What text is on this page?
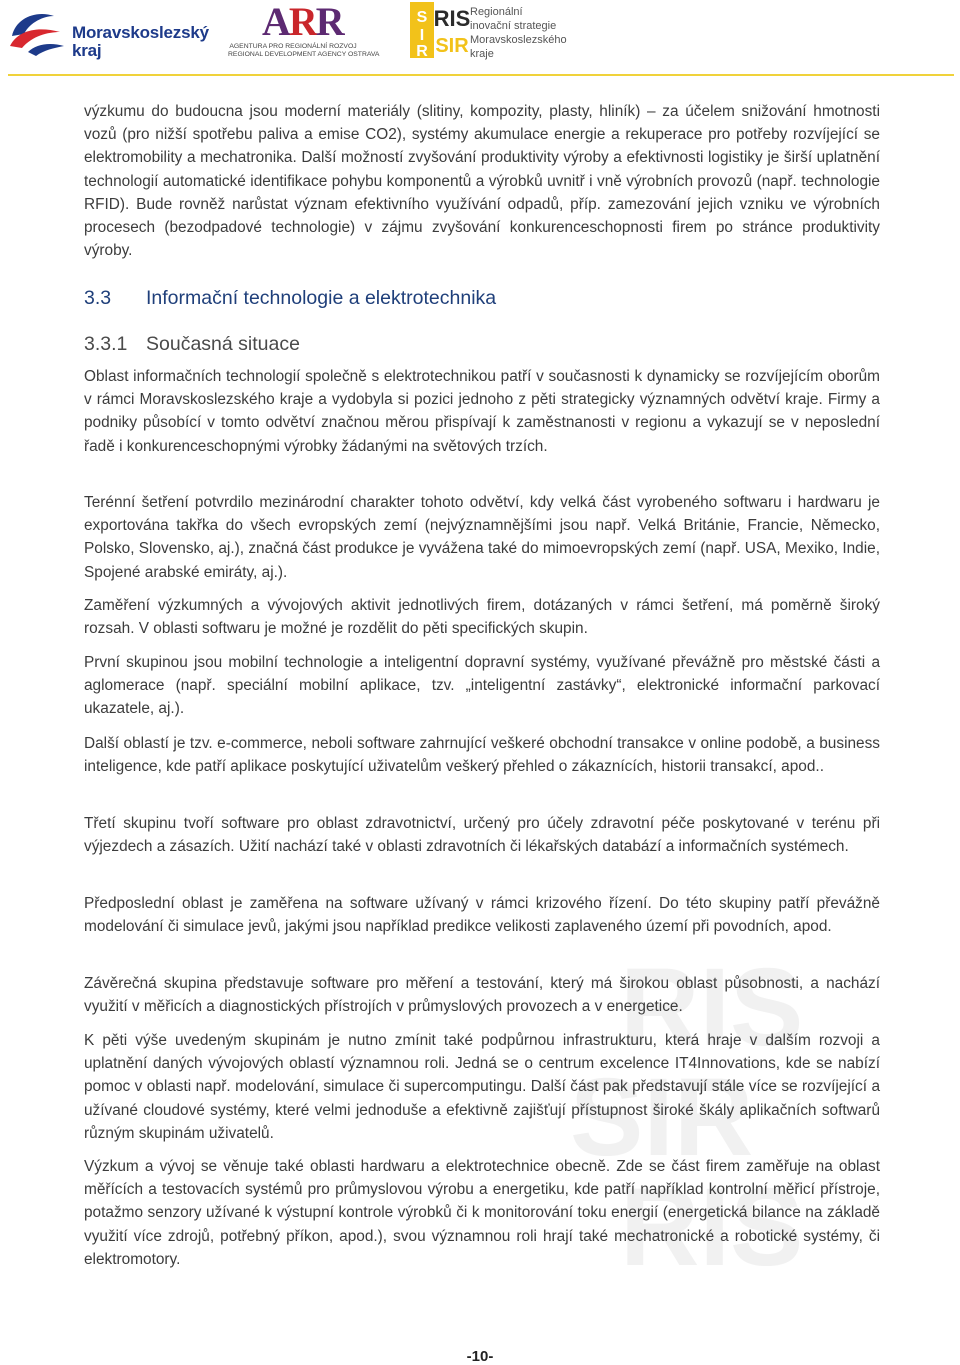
Moravskoslezský
kraj
ARR
AGENTURA PRO REGIONÁLNÍ ROZVOJ
REGIONAL DEVELOPMENT AGENCY OSTRAVA
S
I
R
RIS
SIR
Regionální
inovační strategie
Moravskoslezského
kraje
RIS
SIR
RIS

výzkumu do budoucna jsou moderní materiály (slitiny, kompozity, plasty, hliník) – za účelem snižování hmotnosti vozů (pro nižší spotřebu paliva a emise CO2), systémy akumulace energie a rekuperace pro potřeby rozvíjející se elektromobility a mechatronika. Další možností zvyšování produktivity výroby a efektivnosti logistiky je širší uplatnění technologií automatické identifikace pohybu komponentů a výrobků uvnitř i vně výrobních provozů (např. technologie RFID). Bude rovněž narůstat význam efektivního využívání odpadů, příp. zamezování jejich vzniku ve výrobních procesech (bezodpadové technologie) v zájmu zvyšování konkurenceschopnosti firem po stránce produktivity výroby.

3.3 Informační technologie a elektrotechnika
3.3.1 Současná situace

Oblast informačních technologií společně s elektrotechnikou patří v současnosti k dynamicky se rozvíjejícím oborům v rámci Moravskoslezského kraje a vydobyla si pozici jednoho z pěti strategicky významných odvětví kraje. Firmy a podniky působící v tomto odvětví značnou měrou přispívají k zaměstnanosti v regionu a vykazují se v neposlední řadě i konkurenceschopnými výrobky žádanými na světových trzích.

Terénní šetření potvrdilo mezinárodní charakter tohoto odvětví, kdy velká část vyrobeného softwaru i hardwaru je exportována takřka do všech evropských zemí (nejvýznamnějšími jsou např. Velká Británie, Francie, Německo, Polsko, Slovensko, aj.), značná část produkce je vyvážena také do mimoevropských zemí (např. USA, Mexiko, Indie, Spojené arabské emiráty, aj.).

Zaměření výzkumných a vývojových aktivit jednotlivých firem, dotázaných v rámci šetření, má poměrně široký rozsah. V oblasti softwaru je možné je rozdělit do pěti specifických skupin.

První skupinou jsou mobilní technologie a inteligentní dopravní systémy, využívané převážně pro městské části a aglomerace (např. speciální mobilní aplikace, tzv. „inteligentní zastávky“, elektronické informační parkovací ukazatele, aj.).

Další oblastí je tzv. e-commerce, neboli software zahrnující veškeré obchodní transakce v online podobě, a business inteligence, kde patří aplikace poskytující uživatelům veškerý přehled o zákaznících, historii transakcí, apod..

Třetí skupinu tvoří software pro oblast zdravotnictví, určený pro účely zdravotní péče poskytované v terénu při výjezdech a zásazích. Užití nachází také v oblasti zdravotních či lékařských databází a informačních systémech.

Předposlední oblast je zaměřena na software užívaný v rámci krizového řízení. Do této skupiny patří převážně modelování či simulace jevů, jakými jsou například predikce velikosti zaplaveného území při povodních, apod.

Závěrečná skupina představuje software pro měření a testování, který má širokou oblast působnosti, a nachází využití v měřicích a diagnostických přístrojích v průmyslových provozech a v energetice.

K pěti výše uvedeným skupinám je nutno zmínit také podpůrnou infrastrukturu, která hraje v dalším rozvoji a uplatnění daných vývojových oblastí významnou roli. Jedná se o centrum excelence IT4Innovations, kde se nabízí pomoc v oblasti např. modelování, simulace či supercomputingu. Další část pak představují stále více se rozvíjející a užívané cloudové systémy, které velmi jednoduše a efektivně zajišťují přístupnost široké škály aplikačních softwarů různým skupinám uživatelů.

Výzkum a vývoj se věnuje také oblasti hardwaru a elektrotechnice obecně. Zde se část firem zaměřuje na oblast měřících a testovacích systémů pro průmyslovou výrobu a energetiku, kde patří například kontrolní měřicí přístroje, potažmo senzory užívané k výstupní kontrole výrobků či k monitorování toku energií (energetická bilance na základě využití více zdrojů, potřebný příkon, apod.), svou významnou roli hrají také mechatronické a robotické systémy, či elektromotory.

-10-
